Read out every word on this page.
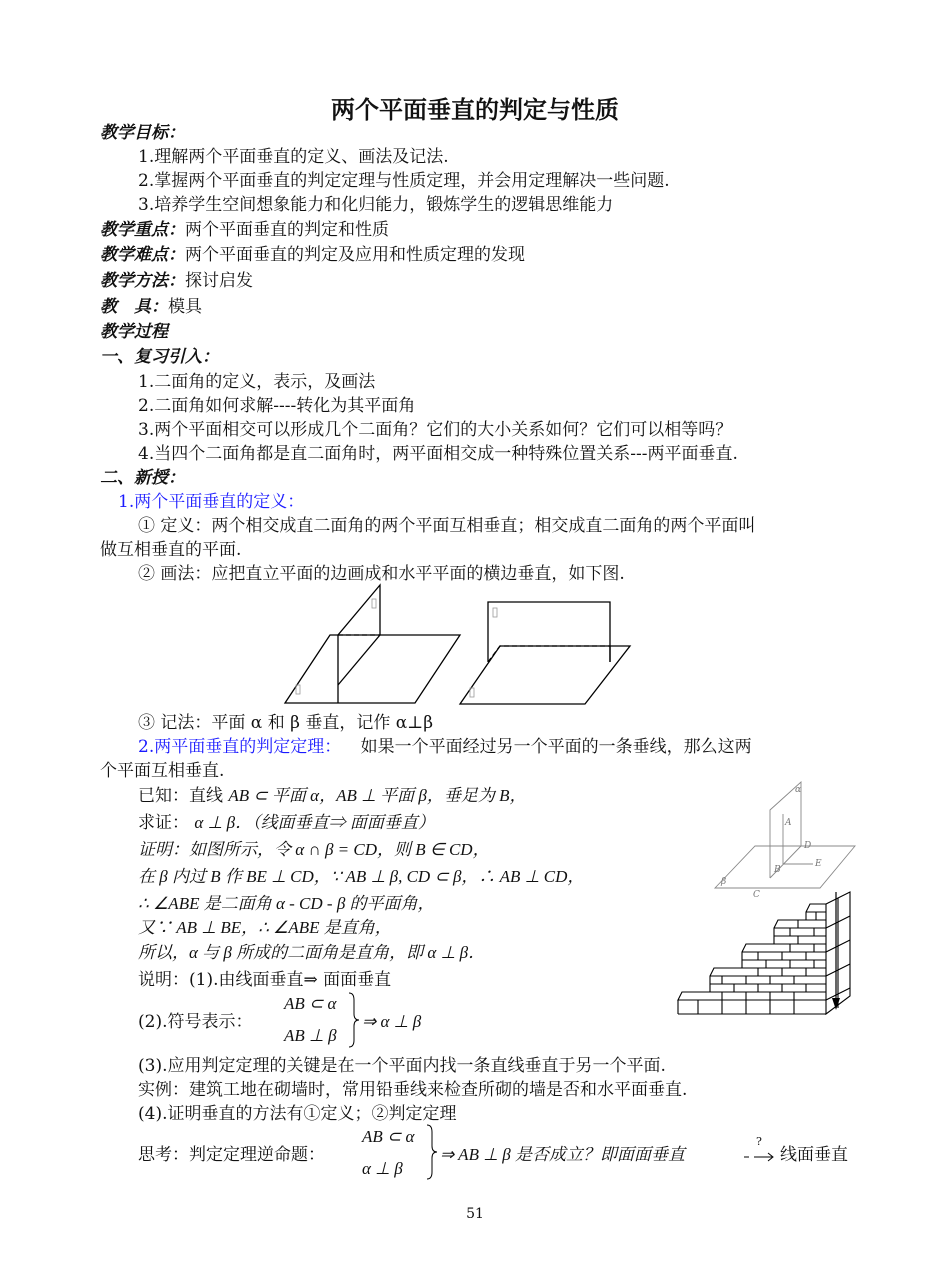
两个平面垂直的判定与性质
教学目标：
1.理解两个平面垂直的定义、画法及记法.
2.掌握两个平面垂直的判定定理与性质定理，并会用定理解决一些问题.
3.培养学生空间想象能力和化归能力，锻炼学生的逻辑思维能力
教学重点：两个平面垂直的判定和性质
教学难点：两个平面垂直的判定及应用和性质定理的发现
教学方法：探讨启发
教　具：模具
教学过程
一、复习引入：
1.二面角的定义，表示，及画法
2.二面角如何求解----转化为其平面角
3.两个平面相交可以形成几个二面角？它们的大小关系如何？它们可以相等吗？
4.当四个二面角都是直二面角时，两平面相交成一种特殊位置关系---两平面垂直.
二、新授：
1.两个平面垂直的定义：
① 定义：两个相交成直二面角的两个平面互相垂直；相交成直二面角的两个平面叫
做互相垂直的平面.
② 画法：应把直立平面的边画成和水平平面的横边垂直，如下图.
③ 记法：平面 α 和 β 垂直，记作 α⊥β
2.两平面垂直的判定定理： 如果一个平面经过另一个平面的一条垂线，那么这两
个平面互相垂直.
已知：直线 AB ⊂ 平面 α，AB ⊥ 平面 β，垂足为 B，
求证： α ⊥ β．（线面垂直⇒ 面面垂直）
证明：如图所示，令 α ∩ β = CD，则 B ∈ CD，
在 β 内过 B 作 BE ⊥ CD，∵ AB ⊥ β, CD ⊂ β，∴ AB ⊥ CD，
∴ ∠ABE 是二面角 α - CD - β 的平面角，
又∵ AB ⊥ BE，∴ ∠ABE 是直角，
所以，α 与 β 所成的二面角是直角，即 α ⊥ β．
说明：(1).由线面垂直⇒ 面面垂直
(2).符号表示：
AB ⊂ α
AB ⊥ β
⇒ α ⊥ β
(3).应用判定定理的关键是在一个平面内找一条直线垂直于另一个平面.
实例：建筑工地在砌墙时，常用铅垂线来检查所砌的墙是否和水平面垂直.
(4).证明垂直的方法有①定义；②判定定理
思考：判定定理逆命题：
AB ⊂ α
α ⊥ β
⇒ AB ⊥ β 是否成立？即面面垂直
?
线面垂直
α
A
D
E
B
β
C
51
